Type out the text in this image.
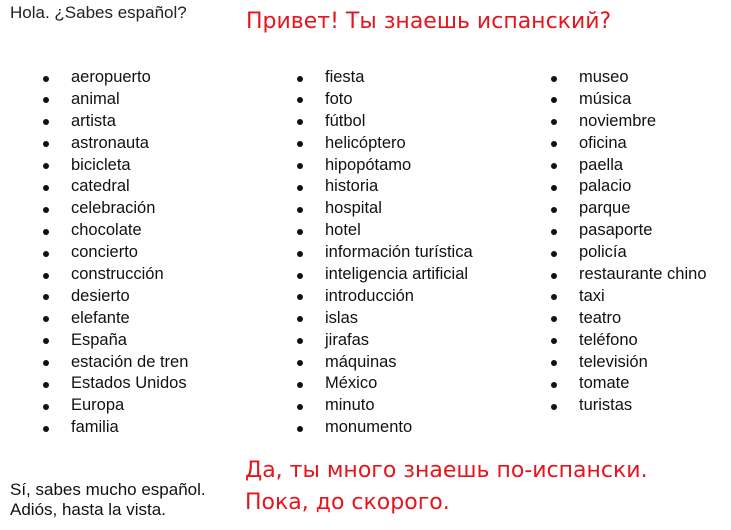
Hola. ¿Sabes español?	Привет! Ты знаешь испанский?
aeropuerto
animal
artista
astronauta
bicicleta
catedral
celebración
chocolate
concierto
construcción
desierto
elefante
España
estación de tren
Estados Unidos
Europa
familia
fiesta
foto
fútbol
helicóptero
hipopótamo
historia
hospital
hotel
información turística
inteligencia artificial
introducción
islas
jirafas
máquinas
México
minuto
monumento
museo
música
noviembre
oficina
paella
palacio
parque
pasaporte
policía
restaurante chino
taxi
teatro
teléfono
televisión
tomate
turistas
Sí, sabes mucho español.
Adiós, hasta la vista.
Да, ты много знаешь по-испански.
Пока, до скорого.
